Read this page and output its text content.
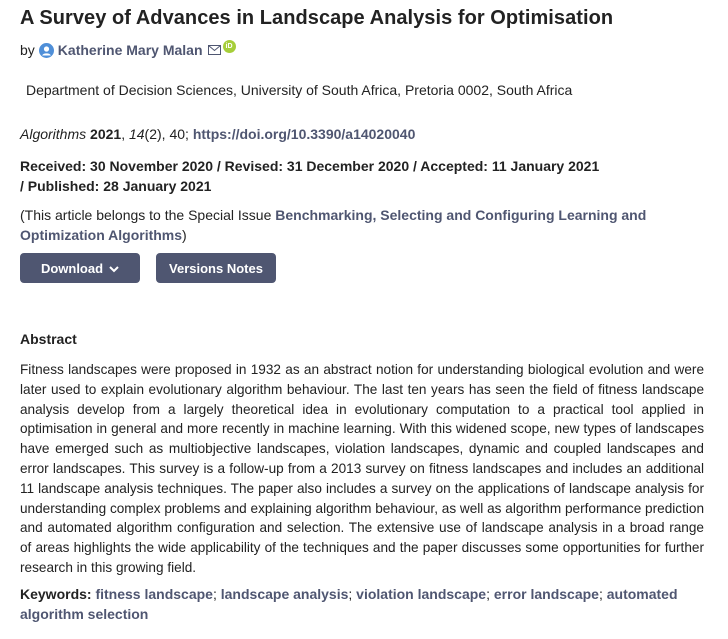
A Survey of Advances in Landscape Analysis for Optimisation
by Katherine Mary Malan	iD
Department of Decision Sciences, University of South Africa, Pretoria 0002, South Africa
Algorithms 2021, 14(2), 40; https://doi.org/10.3390/a14020040
Received: 30 November 2020 / Revised: 31 December 2020 / Accepted: 11 January 2021 / Published: 28 January 2021
(This article belongs to the Special Issue Benchmarking, Selecting and Configuring Learning and Optimization Algorithms)
Download	Versions Notes
Abstract

Fitness landscapes were proposed in 1932 as an abstract notion for understanding biological evolution and were later used to explain evolutionary algorithm behaviour. The last ten years has seen the field of fitness landscape analysis develop from a largely theoretical idea in evolutionary computation to a practical tool applied in optimisation in general and more recently in machine learning. With this widened scope, new types of landscapes have emerged such as multiobjective landscapes, violation landscapes, dynamic and coupled landscapes and error landscapes. This survey is a follow-up from a 2013 survey on fitness landscapes and includes an additional 11 landscape analysis techniques. The paper also includes a survey on the applications of landscape analysis for understanding complex problems and explaining algorithm behaviour, as well as algorithm performance prediction and automated algorithm configuration and selection. The extensive use of landscape analysis in a broad range of areas highlights the wide applicability of the techniques and the paper discusses some opportunities for further research in this growing field.

Keywords: fitness landscape; landscape analysis; violation landscape; error landscape; automated algorithm selection
